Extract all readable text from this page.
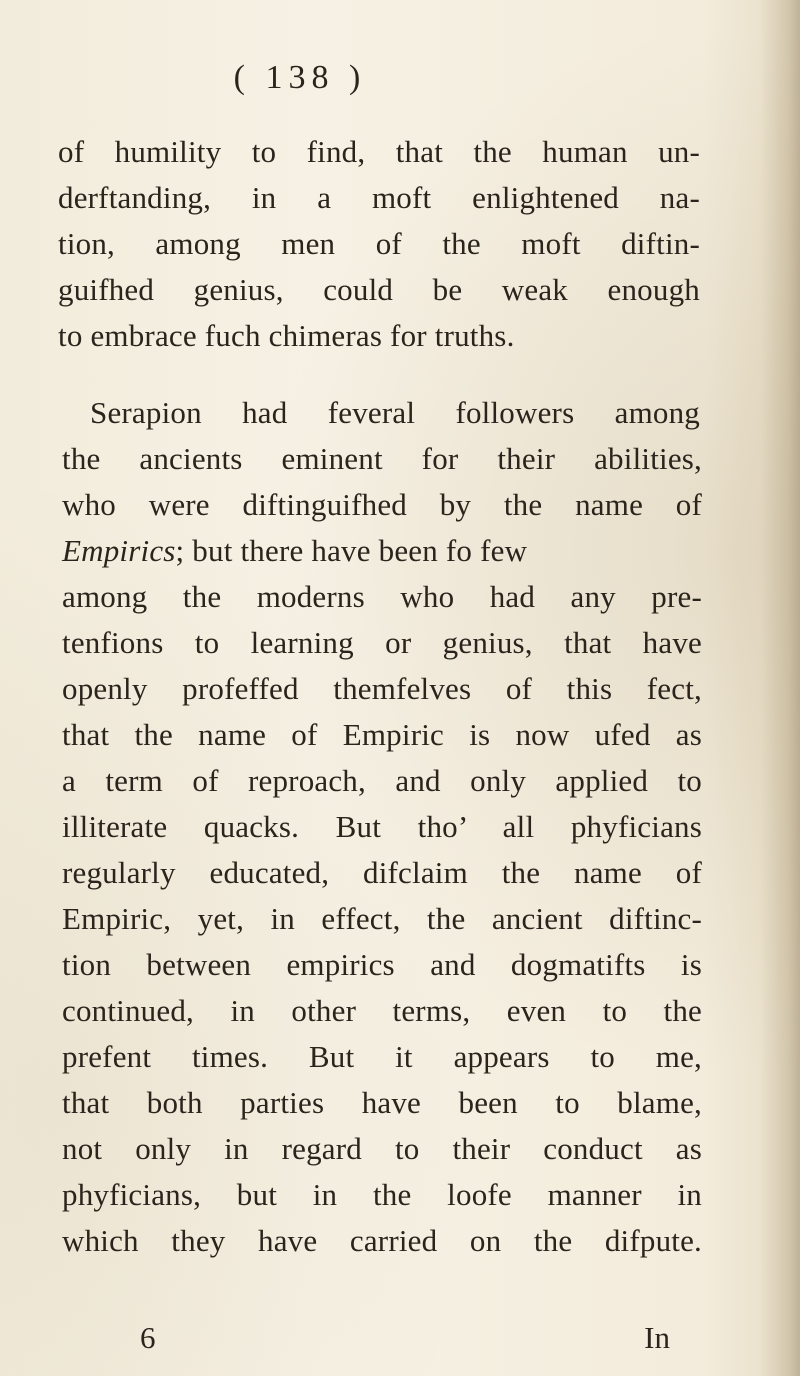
( 138 )
of humility to find, that the human un-
derftanding, in a moft enlightened na-
tion, among men of the moft diftin-
guifhed genius, could be weak enough
to embrace fuch chimeras for truths.
Serapion had feveral followers among
the ancients eminent for their abilities,
who were diftinguifhed by the name of
Empirics; but there have been fo few
among the moderns who had any pre-
tenfions to learning or genius, that have
openly profeffed themfelves of this fect,
that the name of Empiric is now ufed as
a term of reproach, and only applied to
illiterate quacks. But tho’ all phyficians
regularly educated, difclaim the name of
Empiric, yet, in effect, the ancient diftinc-
tion between empirics and dogmatifts is
continued, in other terms, even to the
prefent times. But it appears to me,
that both parties have been to blame,
not only in regard to their conduct as
phyficians, but in the loofe manner in
which they have carried on the difpute.
6	In
